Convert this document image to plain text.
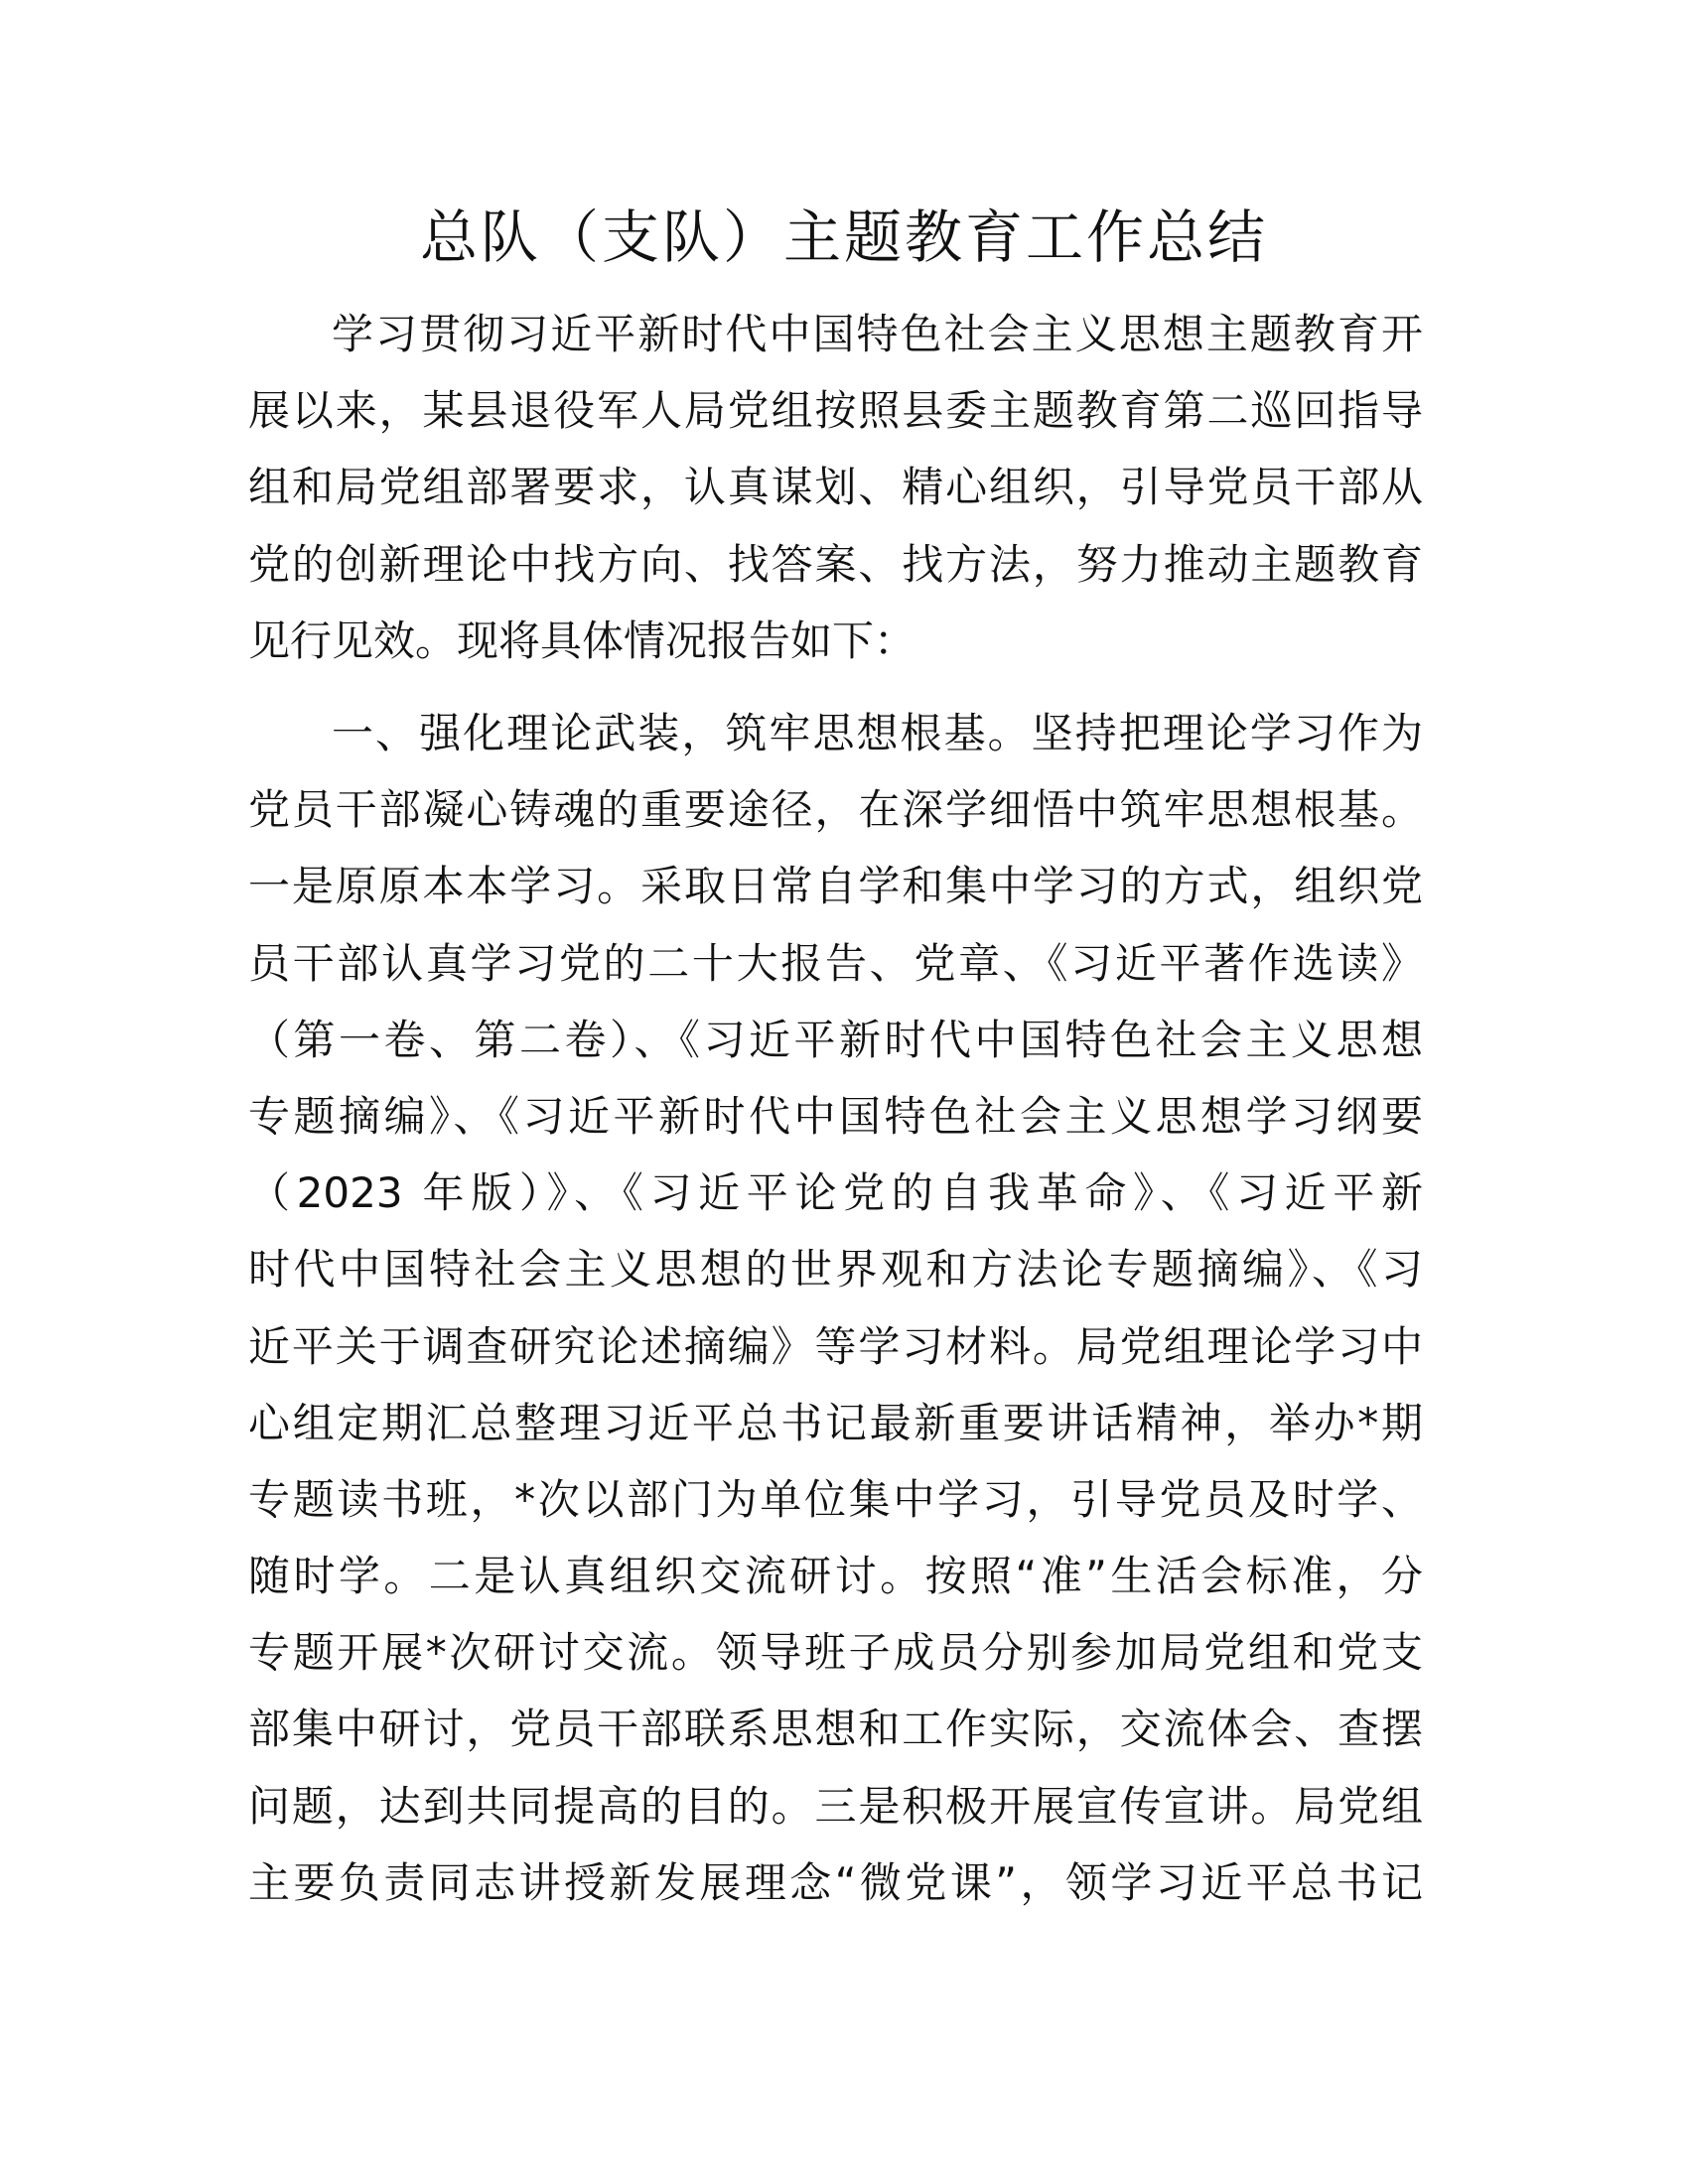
总队（支队）主题教育工作总结
学习贯彻习近平新时代中国特色社会主义思想主题教育开
展以来，某县退役军人局党组按照县委主题教育第二巡回指导
组和局党组部署要求，认真谋划、精心组织，引导党员干部从
党的创新理论中找方向、找答案、找方法，努力推动主题教育
见行见效。现将具体情况报告如下：
一、强化理论武装，筑牢思想根基。坚持把理论学习作为
党员干部凝心铸魂的重要途径，在深学细悟中筑牢思想根基。
一是原原本本学习。采取日常自学和集中学习的方式，组织党
员干部认真学习党的二十大报告、党章、《习近平著作选读》
（第一卷、第二卷）、《习近平新时代中国特色社会主义思想
专题摘编》、《习近平新时代中国特色社会主义思想学习纲要
（2023 年版）》、《习近平论党的自我革命》、《习近平新
时代中国特社会主义思想的世界观和方法论专题摘编》、《习
近平关于调查研究论述摘编》等学习材料。局党组理论学习中
心组定期汇总整理习近平总书记最新重要讲话精神，举办*期
专题读书班，*次以部门为单位集中学习，引导党员及时学、
随时学。二是认真组织交流研讨。按照“准”生活会标准，分
专题开展*次研讨交流。领导班子成员分别参加局党组和党支
部集中研讨，党员干部联系思想和工作实际，交流体会、查摆
问题，达到共同提高的目的。三是积极开展宣传宣讲。局党组
主要负责同志讲授新发展理念“微党课”，领学习近平总书记
